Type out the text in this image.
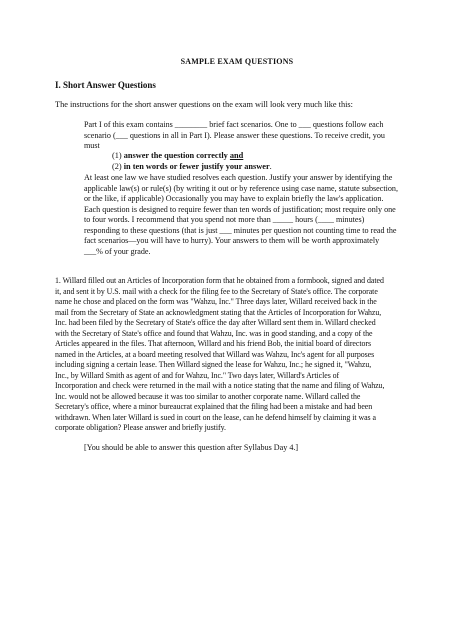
SAMPLE EXAM QUESTIONS
I. Short Answer Questions
The instructions for the short answer questions on the exam will look very much like this:
Part I of this exam contains ________ brief fact scenarios. One to ___ questions follow each
scenario (___ questions in all in Part I). Please answer these questions. To receive credit, you
must
(1) answer the question correctly and
(2) in ten words or fewer justify your answer.
At least one law we have studied resolves each question. Justify your answer by identifying the
applicable law(s) or rule(s) (by writing it out or by reference using case name, statute subsection,
or the like, if applicable) Occasionally you may have to explain briefly the law's application.
Each question is designed to require fewer than ten words of justification; most require only one
to four words. I recommend that you spend not more than _____ hours (____ minutes)
responding to these questions (that is just ___ minutes per question not counting time to read the
fact scenarios—you will have to hurry). Your answers to them will be worth approximately
___% of your grade.
1. Willard filled out an Articles of Incorporation form that he obtained from a formbook, signed and dated
it, and sent it by U.S. mail with a check for the filing fee to the Secretary of State's office. The corporate
name he chose and placed on the form was "Wahzu, Inc." Three days later, Willard received back in the
mail from the Secretary of State an acknowledgment stating that the Articles of Incorporation for Wahzu,
Inc. had been filed by the Secretary of State's office the day after Willard sent them in. Willard checked
with the Secretary of State's office and found that Wahzu, Inc. was in good standing, and a copy of the
Articles appeared in the files. That afternoon, Willard and his friend Bob, the initial board of directors
named in the Articles, at a board meeting resolved that Willard was Wahzu, Inc's agent for all purposes
including signing a certain lease. Then Willard signed the lease for Wahzu, Inc.; he signed it, "Wahzu,
Inc., by Willard Smith as agent of and for Wahzu, Inc." Two days later, Willard's Articles of
Incorporation and check were returned in the mail with a notice stating that the name and filing of Wahzu,
Inc. would not be allowed because it was too similar to another corporate name. Willard called the
Secretary's office, where a minor bureaucrat explained that the filing had been a mistake and had been
withdrawn. When later Willard is sued in court on the lease, can he defend himself by claiming it was a
corporate obligation? Please answer and briefly justify.
[You should be able to answer this question after Syllabus Day 4.]
